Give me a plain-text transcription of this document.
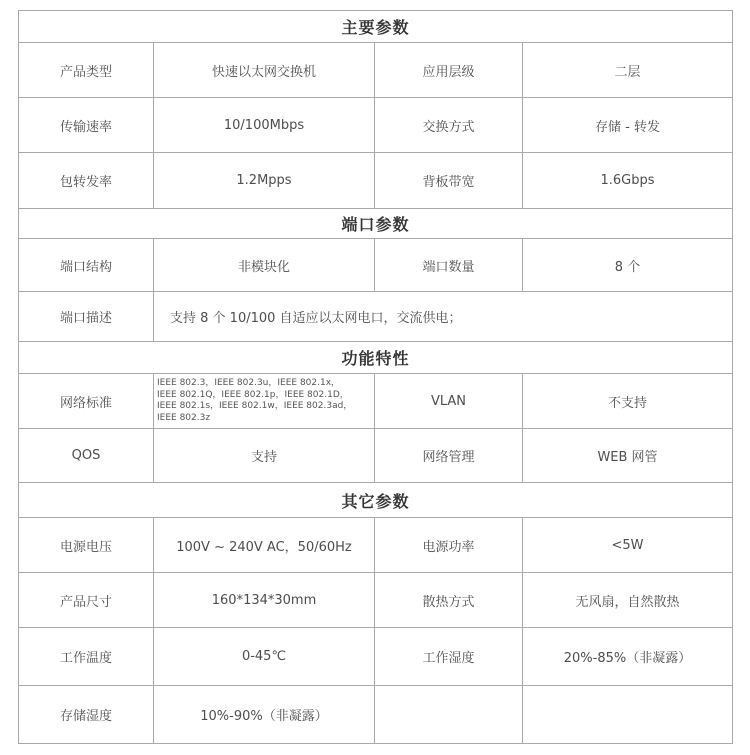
主要参数			
产品类型	快速以太网交换机	应用层级	二层
传输速率	10/100Mbps	交换方式	存储 - 转发
包转发率	1.2Mpps	背板带宽	1.6Gbps
端口参数			
端口结构	非模块化	端口数量	8 个
端口描述	支持 8 个 10/100 自适应以太网电口，交流供电；		
功能特性			
网络标准	IEEE 802.3，IEEE 802.3u，IEEE 802.1x，
IEEE 802.1Q，IEEE 802.1p，IEEE 802.1D，
IEEE 802.1s，IEEE 802.1w，IEEE 802.3ad，
IEEE 802.3z	VLAN	不支持
QOS	支持	网络管理	WEB 网管
其它参数			
电源电压	100V ~ 240V AC，50/60Hz	电源功率	<5W
产品尺寸	160*134*30mm	散热方式	无风扇，自然散热
工作温度	0-45℃	工作湿度	20%-85%（非凝露）
存储湿度	10%-90%（非凝露）		
